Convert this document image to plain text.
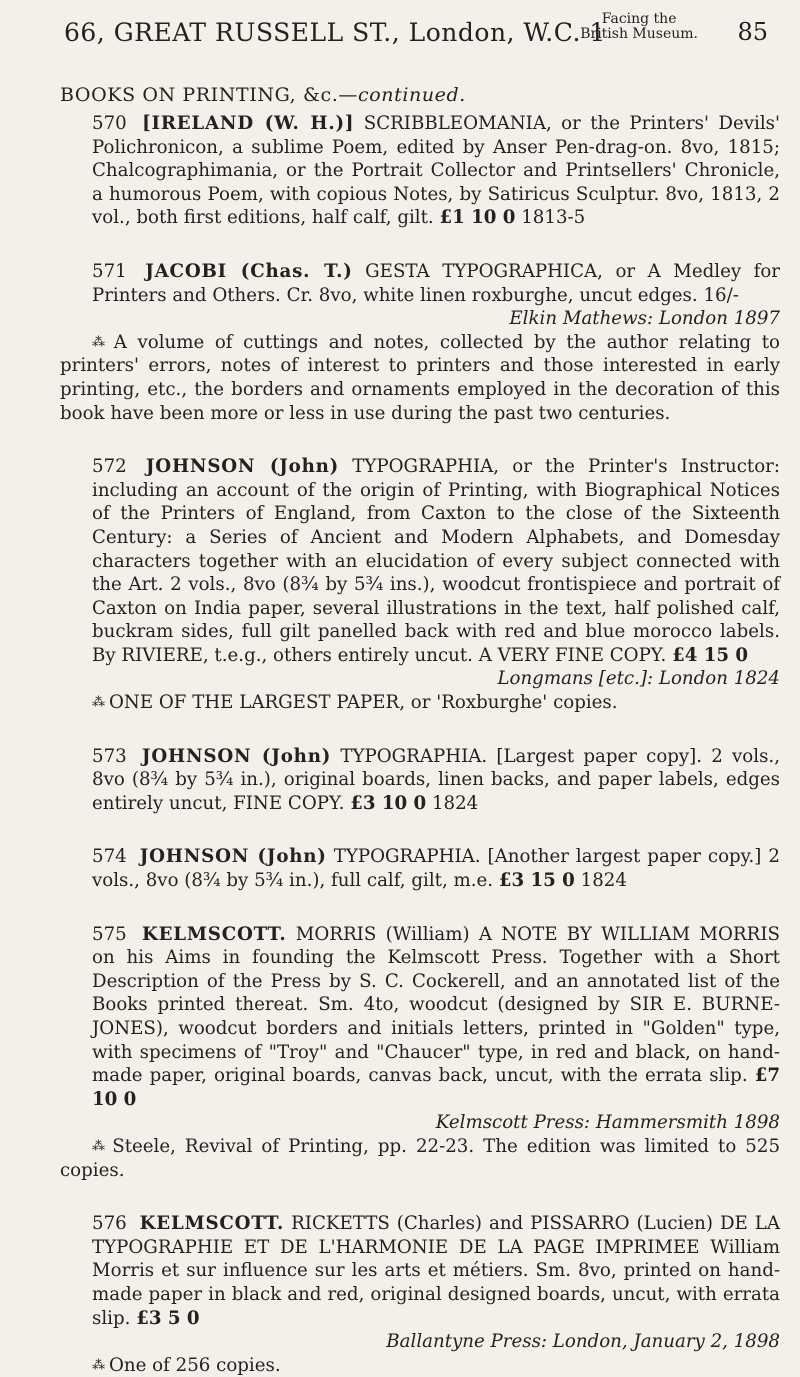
66, GREAT RUSSELL ST., London, W.C. 1
Facing the
British Museum. 85
BOOKS ON PRINTING, &c.—continued.
570 [IRELAND (W. H.)] SCRIBBLEOMANIA, or the Printers' Devils' Polichronicon, a sublime Poem, edited by Anser Pen-drag-on. 8vo, 1815; Chalcographimania, or the Portrait Collector and Printsellers' Chronicle, a humorous Poem, with copious Notes, by Satiricus Sculptur. 8vo, 1813, 2 vol., both first editions, half calf, gilt. £1 10 0 1813-5
571 JACOBI (Chas. T.) GESTA TYPOGRAPHICA, or A Medley for Printers and Others. Cr. 8vo, white linen roxburghe, uncut edges. 16/-
Elkin Mathews: London 1897
⁂ A volume of cuttings and notes, collected by the author relating to printers' errors, notes of interest to printers and those interested in early printing, etc., the borders and ornaments employed in the decoration of this book have been more or less in use during the past two centuries.
572 JOHNSON (John) TYPOGRAPHIA, or the Printer's Instructor: including an account of the origin of Printing, with Biographical Notices of the Printers of England, from Caxton to the close of the Sixteenth Century: a Series of Ancient and Modern Alphabets, and Domesday characters together with an elucidation of every subject connected with the Art. 2 vols., 8vo (8¾ by 5¾ ins.), woodcut frontispiece and portrait of Caxton on India paper, several illustrations in the text, half polished calf, buckram sides, full gilt panelled back with red and blue morocco labels. By RIVIERE, t.e.g., others entirely uncut. A VERY FINE COPY. £4 15 0
Longmans [etc.]: London 1824
⁂ ONE OF THE LARGEST PAPER, or 'Roxburghe' copies.
573 JOHNSON (John) TYPOGRAPHIA. [Largest paper copy]. 2 vols., 8vo (8¾ by 5¾ in.), original boards, linen backs, and paper labels, edges entirely uncut, FINE COPY. £3 10 0 1824
574 JOHNSON (John) TYPOGRAPHIA. [Another largest paper copy.] 2 vols., 8vo (8¾ by 5¾ in.), full calf, gilt, m.e. £3 15 0 1824
575 KELMSCOTT. MORRIS (William) A NOTE BY WILLIAM MORRIS on his Aims in founding the Kelmscott Press. Together with a Short Description of the Press by S. C. Cockerell, and an annotated list of the Books printed thereat. Sm. 4to, woodcut (designed by SIR E. BURNE-JONES), woodcut borders and initials letters, printed in "Golden" type, with specimens of "Troy" and "Chaucer" type, in red and black, on hand-made paper, original boards, canvas back, uncut, with the errata slip. £7 10 0
Kelmscott Press: Hammersmith 1898
⁂ Steele, Revival of Printing, pp. 22-23. The edition was limited to 525 copies.
576 KELMSCOTT. RICKETTS (Charles) and PISSARRO (Lucien) DE LA TYPOGRAPHIE ET DE L'HARMONIE DE LA PAGE IMPRIMEE William Morris et sur influence sur les arts et métiers. Sm. 8vo, printed on hand-made paper in black and red, original designed boards, uncut, with errata slip. £3 5 0
Ballantyne Press: London, January 2, 1898
⁂ One of 256 copies.
